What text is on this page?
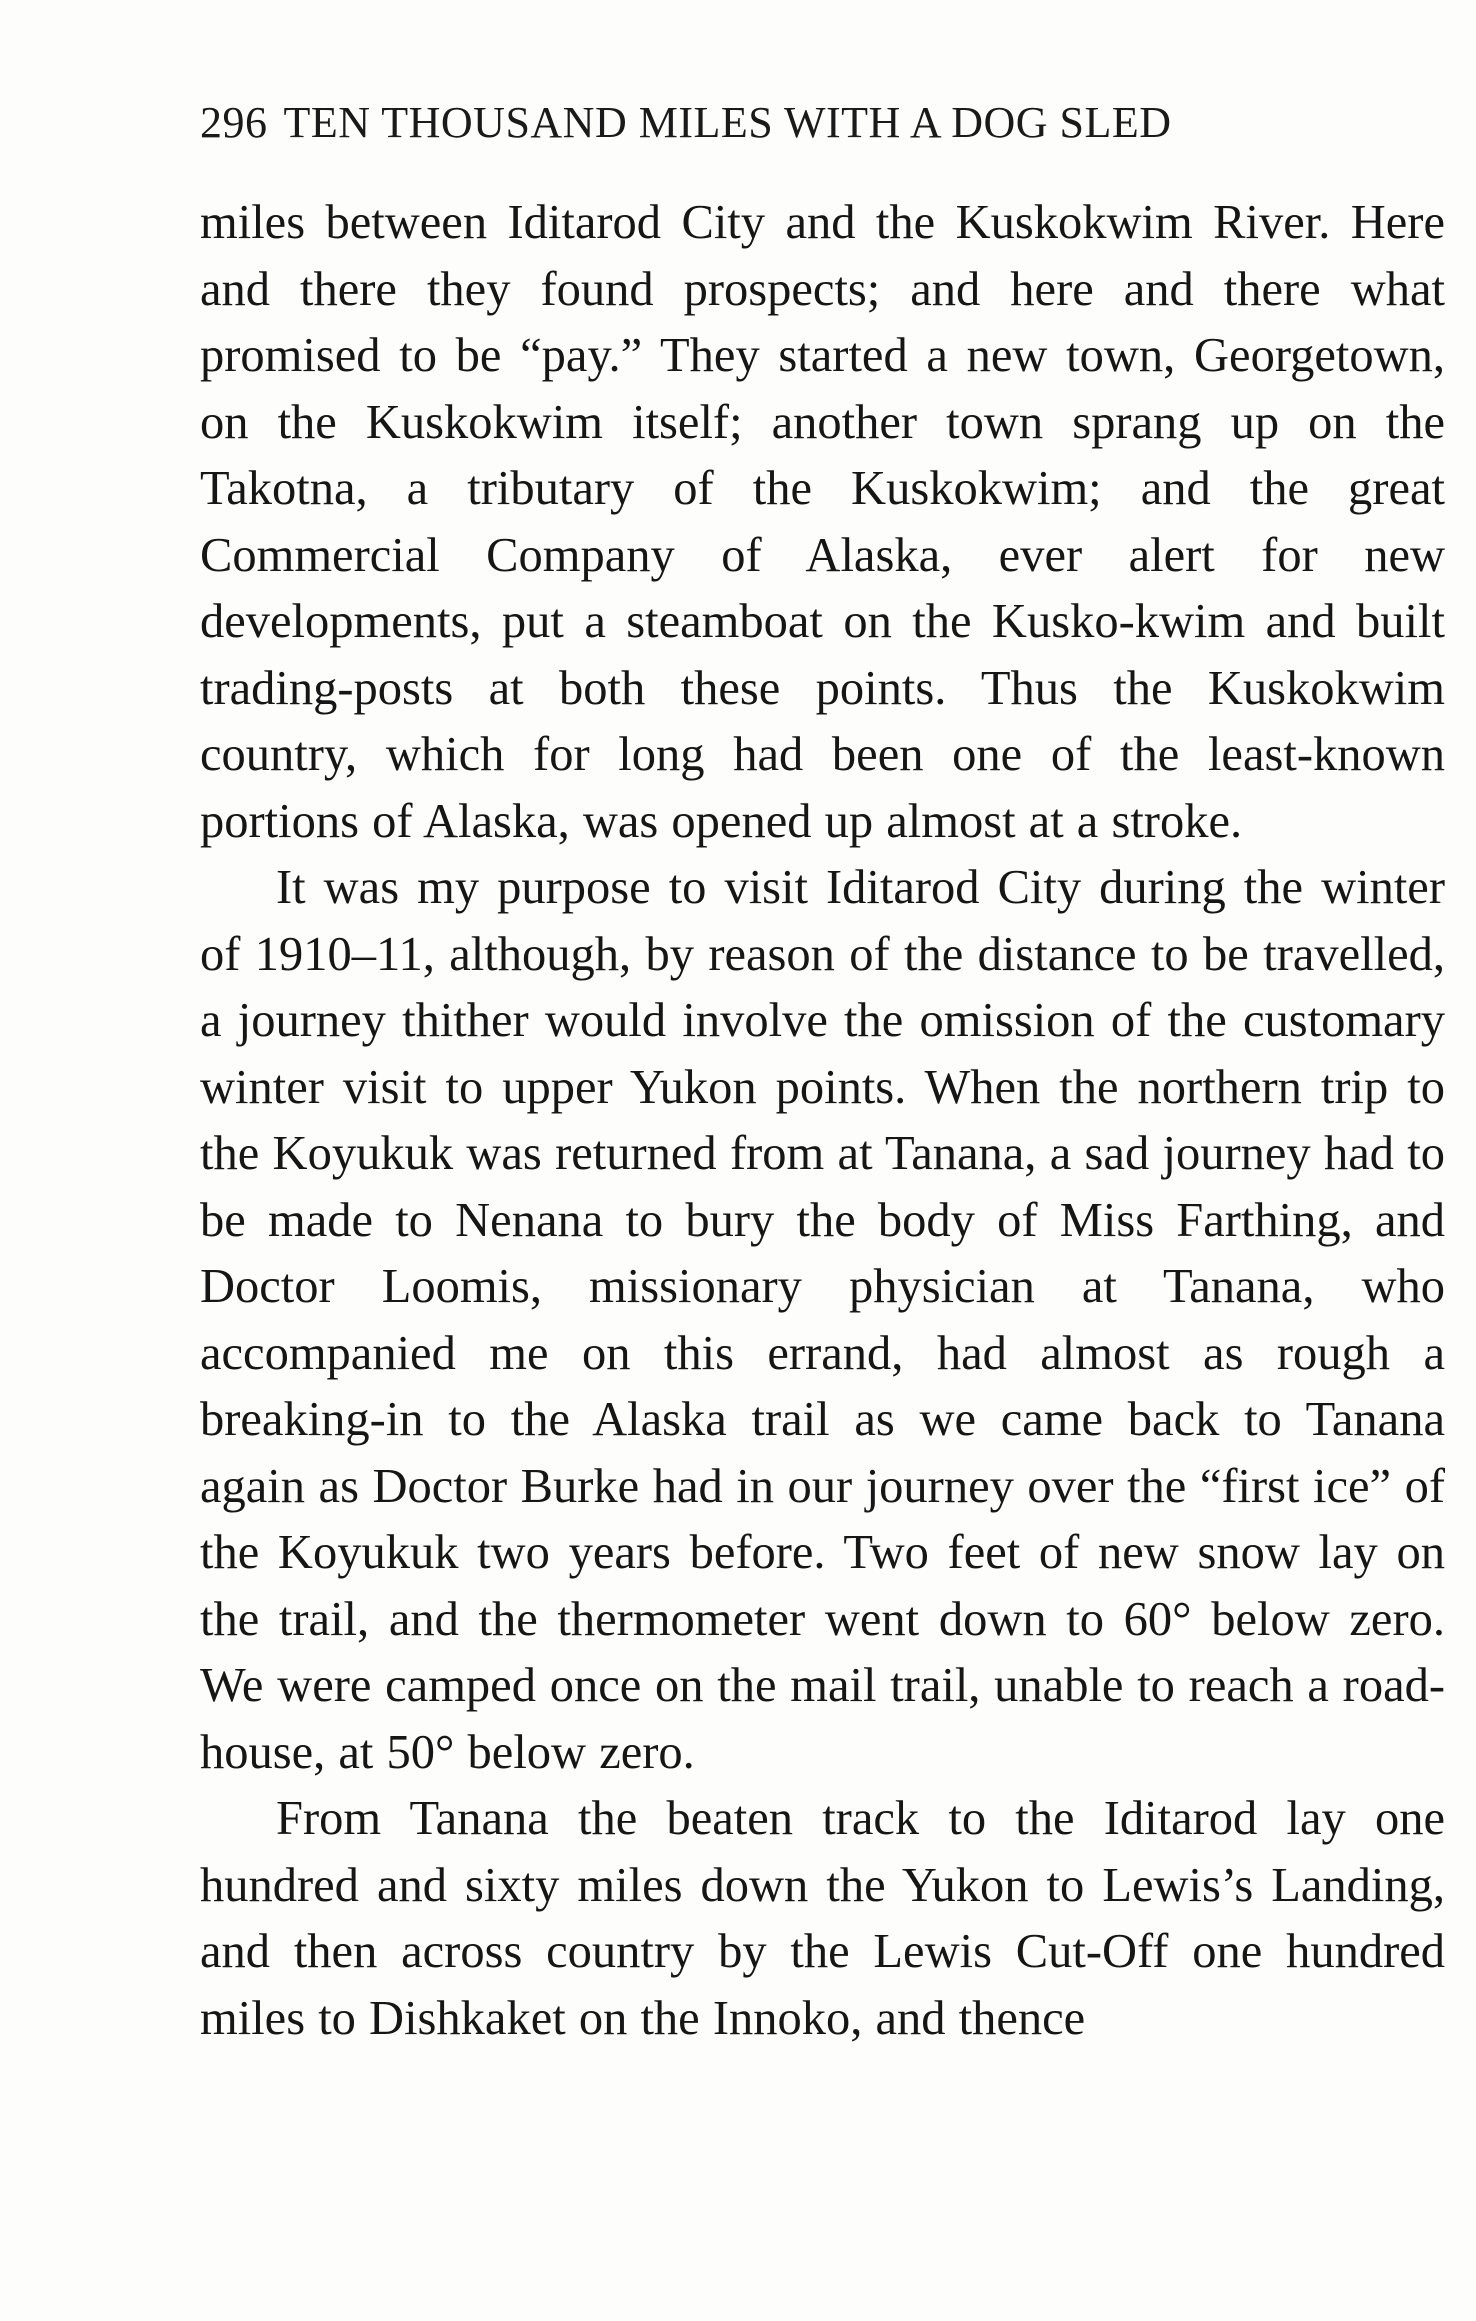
296 TEN THOUSAND MILES WITH A DOG SLED

miles between Iditarod City and the Kuskokwim River. Here and there they found prospects; and here and there what promised to be “pay.” They started a new town, Georgetown, on the Kuskokwim itself; another town sprang up on the Takotna, a tributary of the Kuskokwim; and the great Commercial Company of Alaska, ever alert for new developments, put a steamboat on the Kusko-kwim and built trading-posts at both these points. Thus the Kuskokwim country, which for long had been one of the least-known portions of Alaska, was opened up almost at a stroke.

It was my purpose to visit Iditarod City during the winter of 1910–11, although, by reason of the distance to be travelled, a journey thither would involve the omission of the customary winter visit to upper Yukon points. When the northern trip to the Koyukuk was returned from at Tanana, a sad journey had to be made to Nenana to bury the body of Miss Farthing, and Doctor Loomis, missionary physician at Tanana, who accompanied me on this errand, had almost as rough a breaking-in to the Alaska trail as we came back to Tanana again as Doctor Burke had in our journey over the “first ice” of the Koyukuk two years before. Two feet of new snow lay on the trail, and the thermometer went down to 60° below zero. We were camped once on the mail trail, unable to reach a road-house, at 50° below zero.

From Tanana the beaten track to the Iditarod lay one hundred and sixty miles down the Yukon to Lewis’s Landing, and then across country by the Lewis Cut-Off one hundred miles to Dishkaket on the Innoko, and thence
